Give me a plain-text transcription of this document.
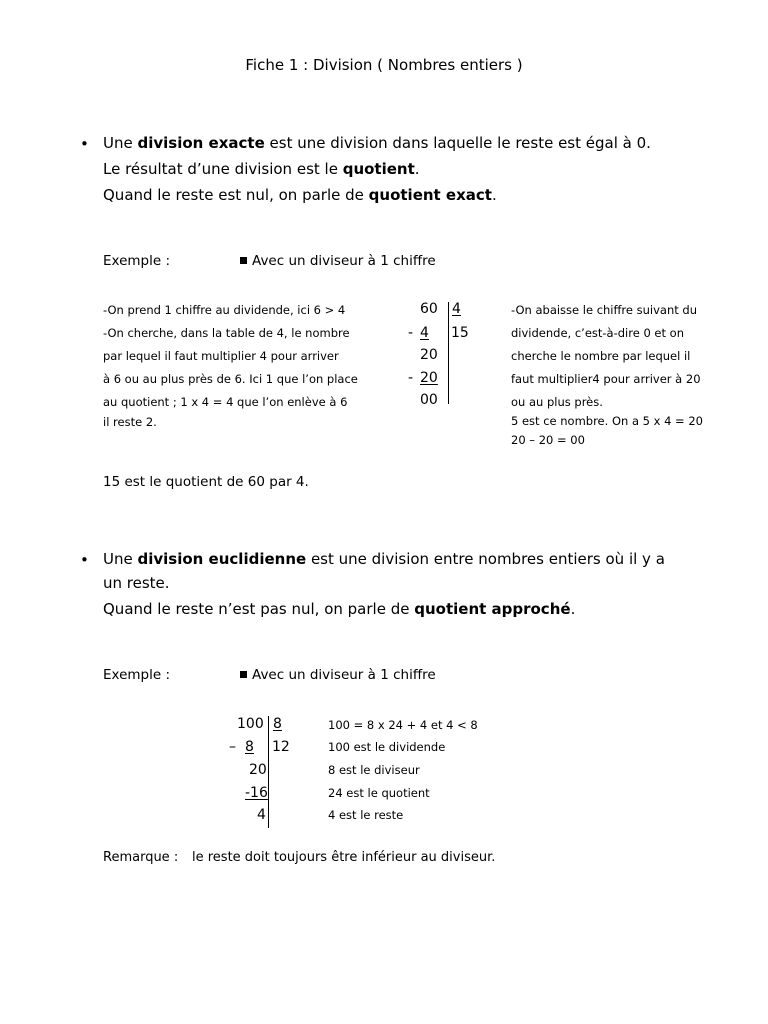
Fiche 1 : Division ( Nombres entiers )
• Une division exacte est une division dans laquelle le reste est égal à 0.
Le résultat d’une division est le quotient.
Quand le reste est nul, on parle de quotient exact.
Exemple :	Avec un diviseur à 1 chiffre
-On prend 1 chiffre au dividende, ici 6 > 4
-On cherche, dans la table de 4, le nombre
par lequel il faut multiplier 4 pour arriver
à 6 ou au plus près de 6. Ici 1 que l’on place
au quotient ; 1 x 4 = 4 que l’on enlève à 6
il reste 2.
60 4
- 4 15
20
- 20
00
-On abaisse le chiffre suivant du
dividende, c’est-à-dire 0 et on
cherche le nombre par lequel il
faut multiplier4 pour arriver à 20
ou au plus près.
5 est ce nombre. On a 5 x 4 = 20
20 – 20 = 00
15 est le quotient de 60 par 4.
• Une division euclidienne est une division entre nombres entiers où il y a
un reste.
Quand le reste n’est pas nul, on parle de quotient approché.
Exemple :	Avec un diviseur à 1 chiffre
100 8
– 8 12
20
-16
4
100 = 8 x 24 + 4 et 4 < 8
100 est le dividende
8 est le diviseur
24 est le quotient
4 est le reste
Remarque : le reste doit toujours être inférieur au diviseur.
